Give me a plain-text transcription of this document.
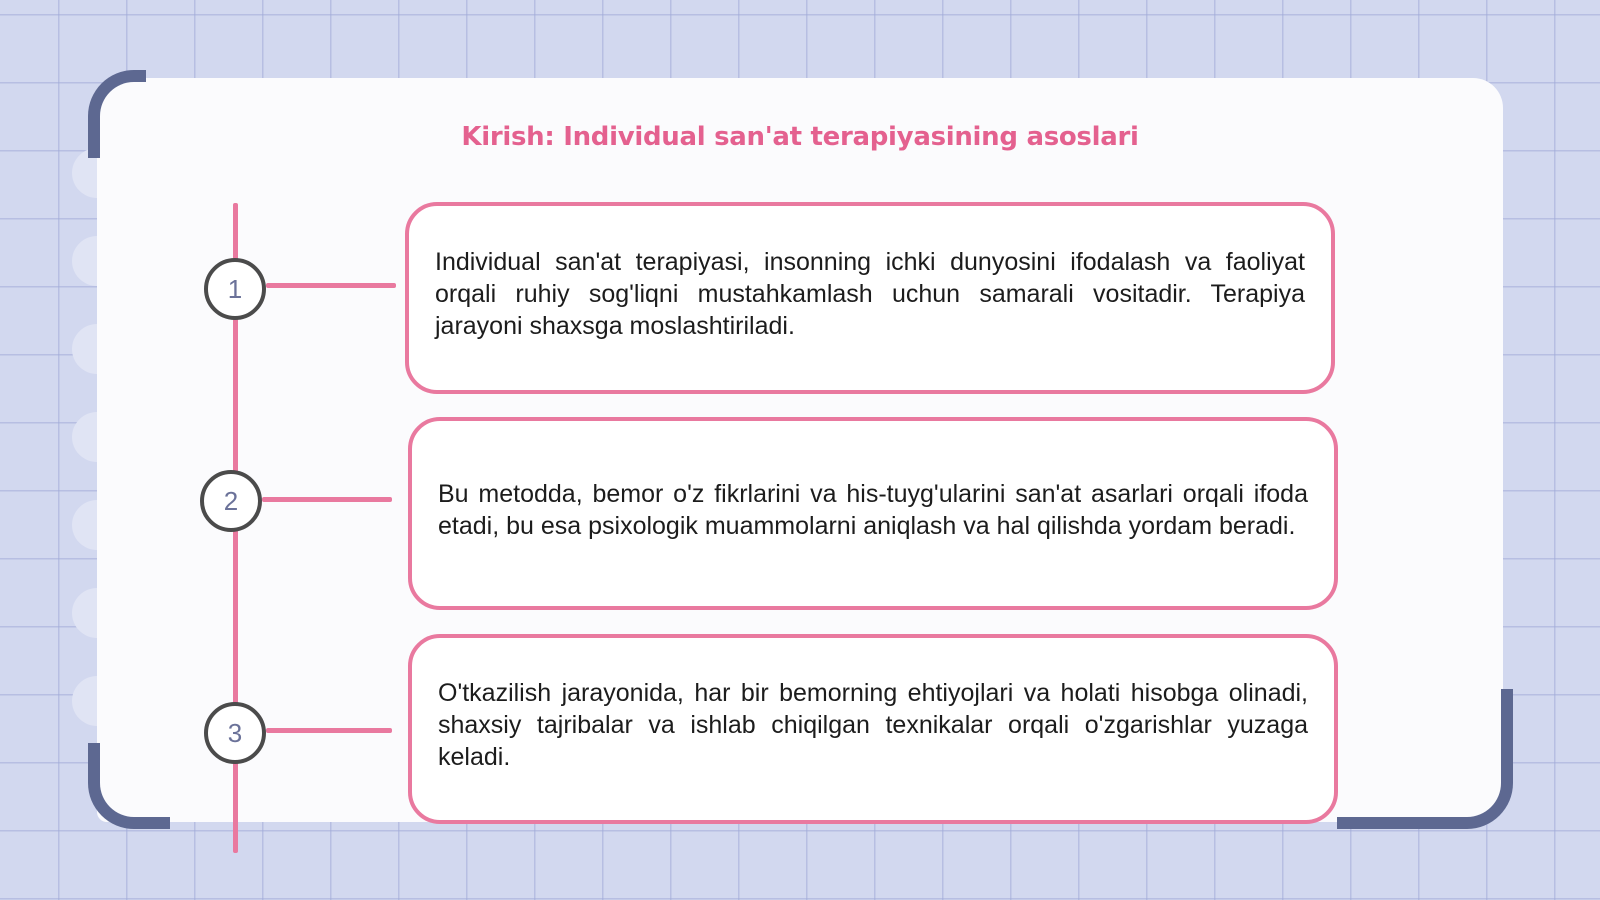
Kirish: Individual san'at terapiyasining asoslari
1
2
3

Individual san'at terapiyasi, insonning ichki dunyosini ifodalash va faoliyat orqali ruhiy sog'liqni mustahkamlash uchun samarali vositadir. Terapiya jarayoni shaxsga moslashtiriladi.

Bu metodda, bemor o'z fikrlarini va his-tuyg'ularini san'at asarlari orqali ifoda etadi, bu esa psixologik muammolarni aniqlash va hal qilishda yordam beradi.

O'tkazilish jarayonida, har bir bemorning ehtiyojlari va holati hisobga olinadi, shaxsiy tajribalar va ishlab chiqilgan texnikalar orqali o'zgarishlar yuzaga keladi.
